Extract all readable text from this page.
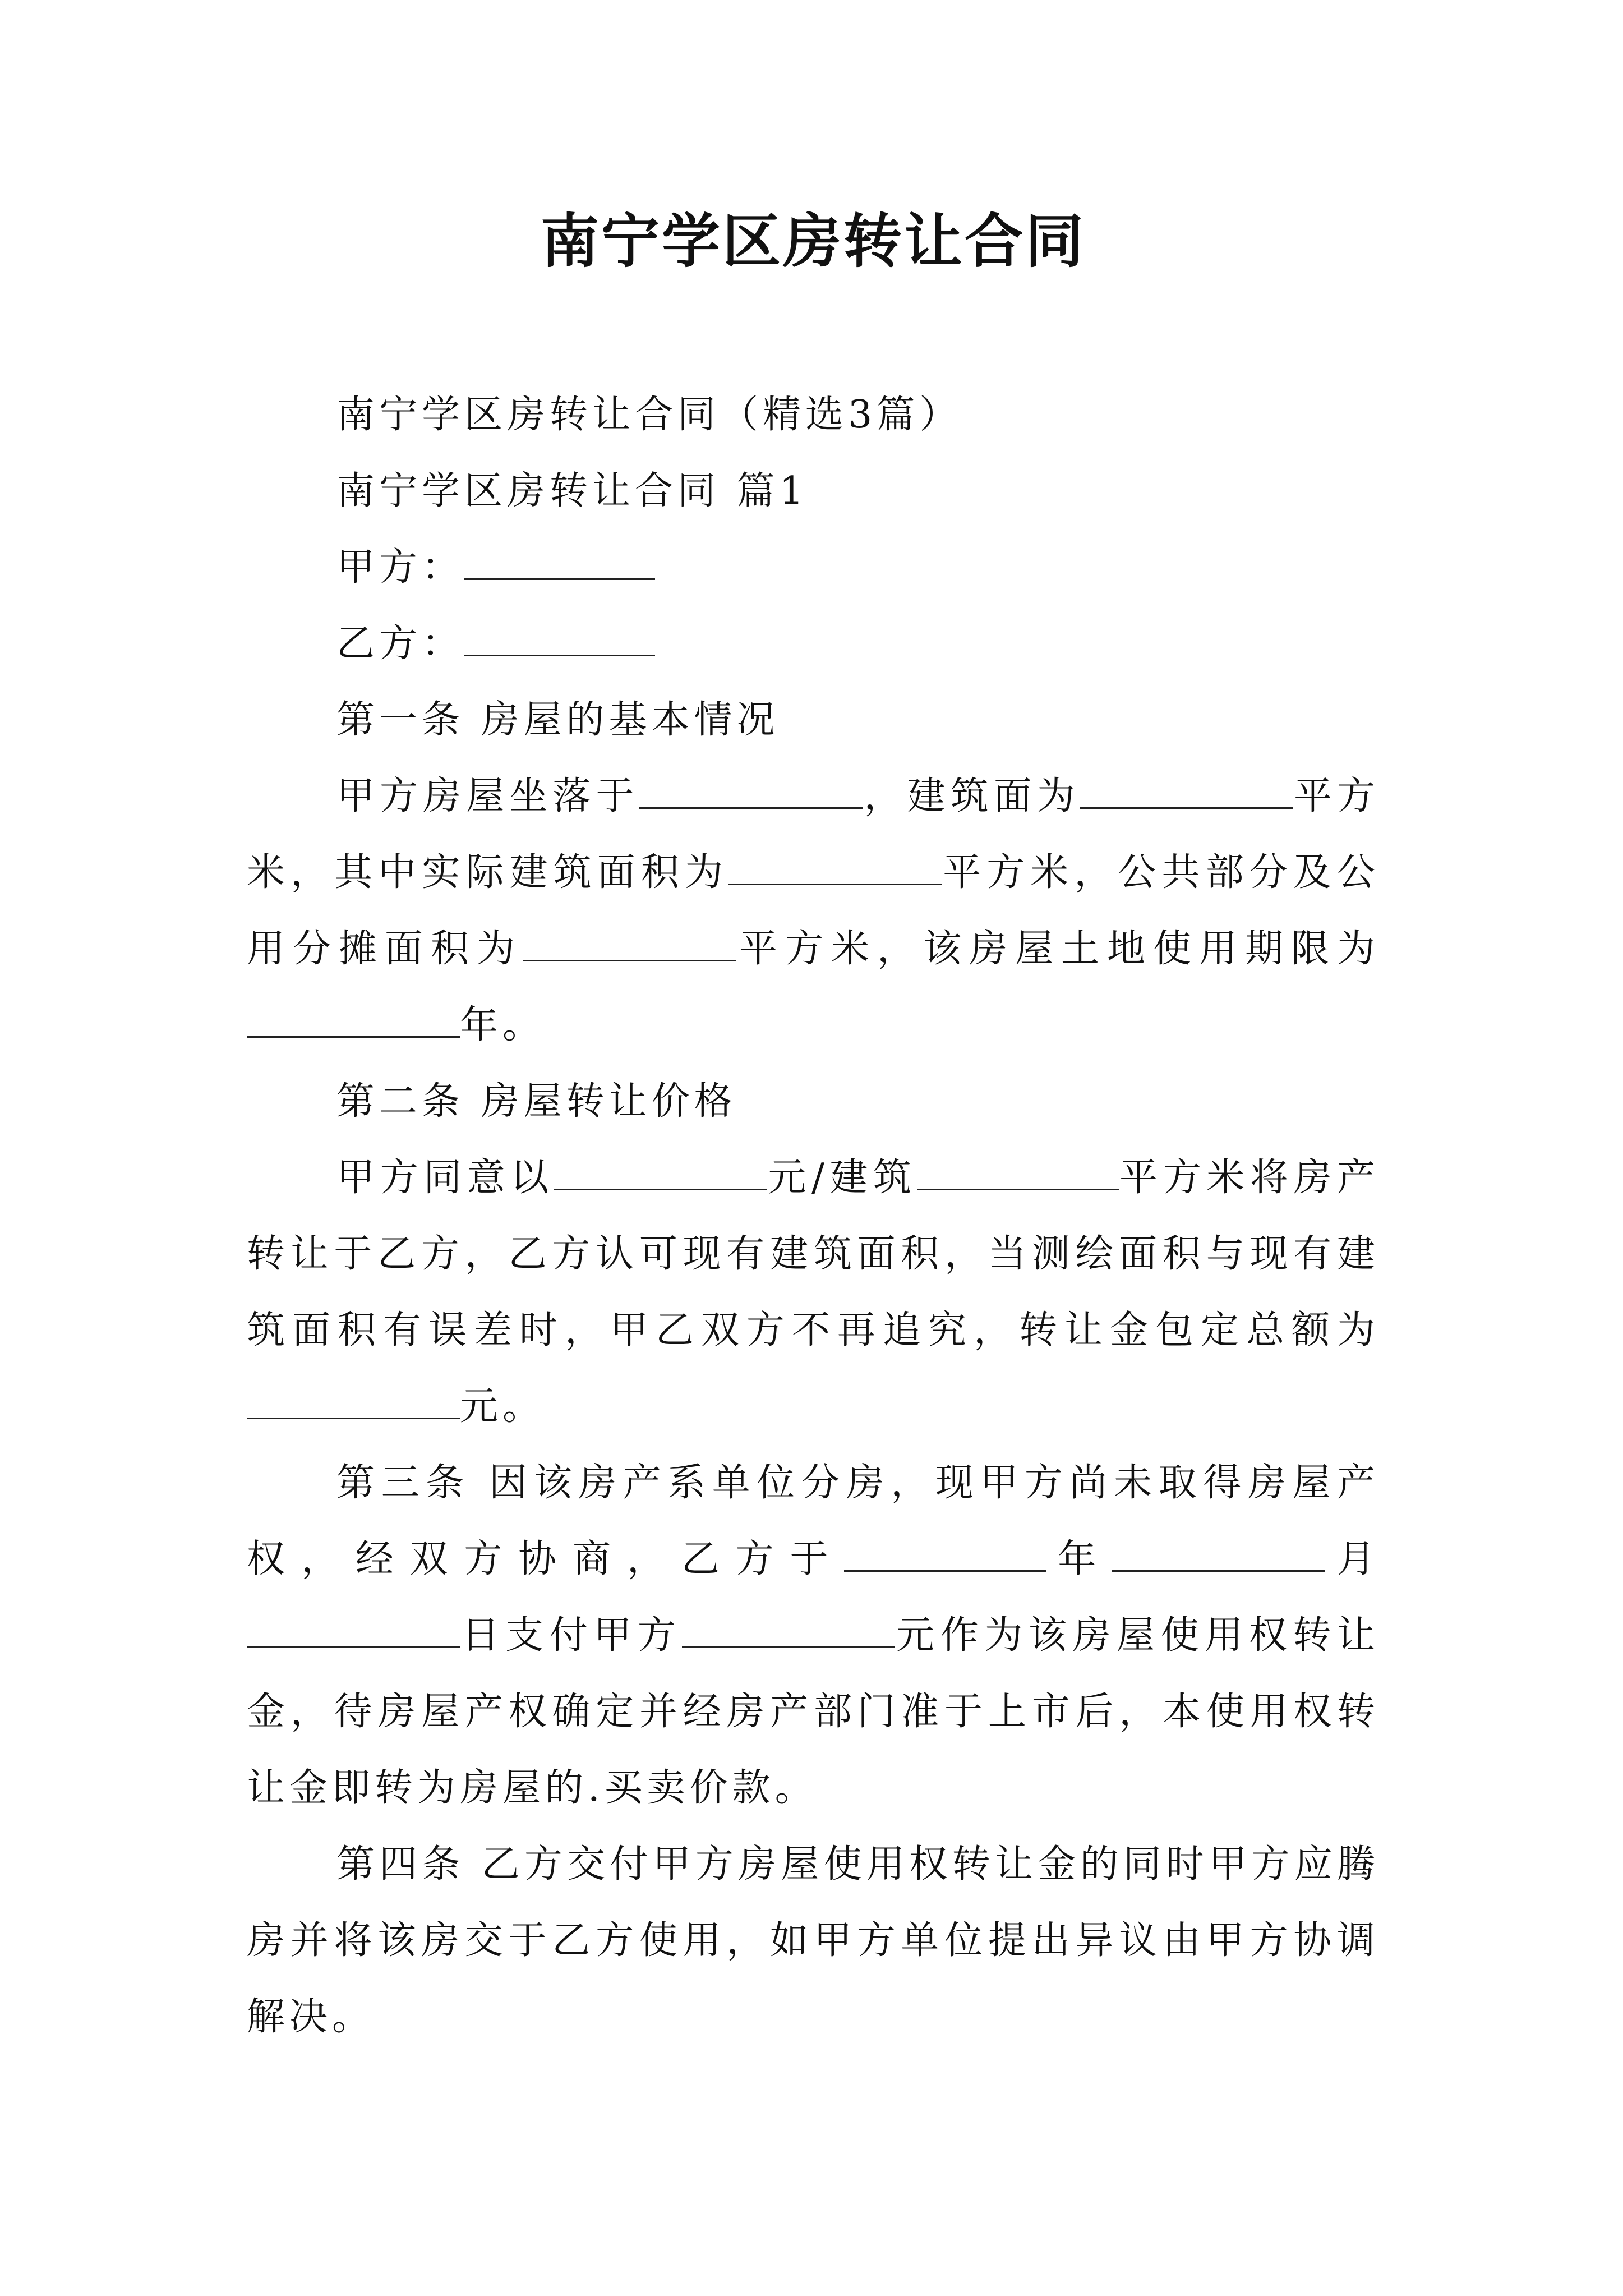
南宁学区房转让合同

南宁学区房转让合同（精选3篇）

南宁学区房转让合同 篇1

甲方：

乙方：

第一条 房屋的基本情况

甲方房屋坐落于	，建筑面为	平方米，其中实际建筑面积为	平方米，公共部分及公用分摊面积为	平方米，该房屋土地使用期限为年。

第二条 房屋转让价格

甲方同意以	元/建筑	平方米将房产转让于乙方，乙方认可现有建筑面积，当测绘面积与现有建筑面积有误差时，甲乙双方不再追究，转让金包定总额为元。

第三条 因该房产系单位分房，现甲方尚未取得房屋产权，经双方协商，乙方于	年	月日支付甲方	元作为该房屋使用权转让金，待房屋产权确定并经房产部门准于上市后，本使用权转让金即转为房屋的.买卖价款。

第四条 乙方交付甲方房屋使用权转让金的同时甲方应腾房并将该房交于乙方使用，如甲方单位提出异议由甲方协调解决。
